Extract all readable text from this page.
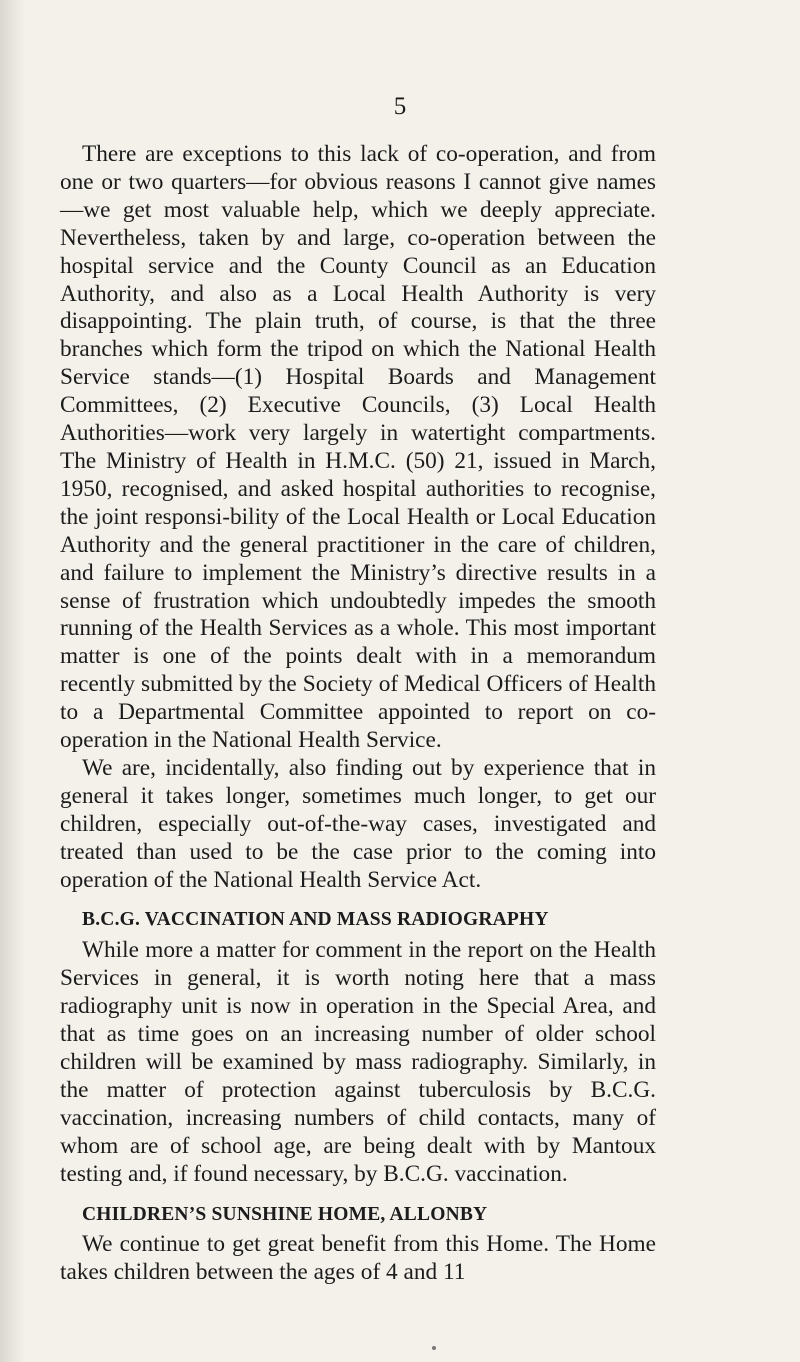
5

There are exceptions to this lack of co-operation, and from one or two quarters—for obvious reasons I cannot give names—we get most valuable help, which we deeply appreciate. Nevertheless, taken by and large, co-operation between the hospital service and the County Council as an Education Authority, and also as a Local Health Authority is very disappointing. The plain truth, of course, is that the three branches which form the tripod on which the National Health Service stands—(1) Hospital Boards and Management Committees, (2) Executive Councils, (3) Local Health Authorities—work very largely in watertight compartments. The Ministry of Health in H.M.C. (50) 21, issued in March, 1950, recognised, and asked hospital authorities to recognise, the joint responsi-bility of the Local Health or Local Education Authority and the general practitioner in the care of children, and failure to implement the Ministry’s directive results in a sense of frustration which undoubtedly impedes the smooth running of the Health Services as a whole. This most important matter is one of the points dealt with in a memorandum recently submitted by the Society of Medical Officers of Health to a Departmental Committee appointed to report on co-operation in the National Health Service.

We are, incidentally, also finding out by experience that in general it takes longer, sometimes much longer, to get our children, especially out-of-the-way cases, investigated and treated than used to be the case prior to the coming into operation of the National Health Service Act.

B.C.G. VACCINATION AND MASS RADIOGRAPHY

While more a matter for comment in the report on the Health Services in general, it is worth noting here that a mass radiography unit is now in operation in the Special Area, and that as time goes on an increasing number of older school children will be examined by mass radiography. Similarly, in the matter of protection against tuberculosis by B.C.G. vaccination, increasing numbers of child contacts, many of whom are of school age, are being dealt with by Mantoux testing and, if found necessary, by B.C.G. vaccination.

CHILDREN’S SUNSHINE HOME, ALLONBY

We continue to get great benefit from this Home. The Home takes children between the ages of 4 and 11
